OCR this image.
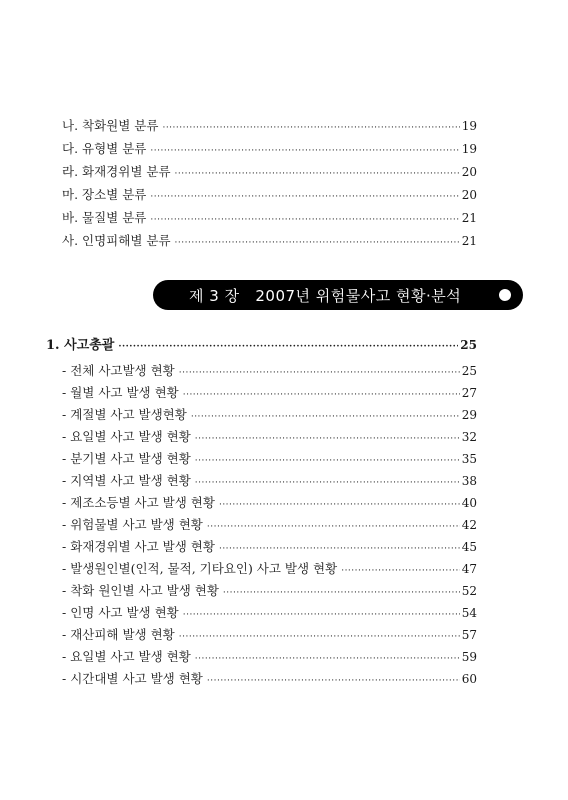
나. 착화원별 분류 ·····	19
다. 유형별 분류 ·····	19
라. 화재경위별 분류 ·····	20
마. 장소별 분류 ·····	20
바. 물질별 분류 ·····	21
사. 인명피해별 분류 ·····	21
제 3 장   2007년 위험물사고 현황·분석
1. 사고총괄 ·····	25
- 전체 사고발생 현황 ·····	25
- 월별 사고 발생 현황 ·····	27
- 계절별 사고 발생현황 ·····	29
- 요일별 사고 발생 현황 ·····	32
- 분기별 사고 발생 현황 ·····	35
- 지역별 사고 발생 현황 ·····	38
- 제조소등별 사고 발생 현황 ·····	40
- 위험물별 사고 발생 현황 ·····	42
- 화재경위별 사고 발생 현황 ·····	45
- 발생원인별(인적, 물적, 기타요인) 사고 발생 현황 ·····	47
- 착화 원인별 사고 발생 현황 ·····	52
- 인명 사고 발생 현황 ·····	54
- 재산피해 발생 현황 ·····	57
- 요일별 사고 발생 현황 ·····	59
- 시간대별 사고 발생 현황 ·····	60
